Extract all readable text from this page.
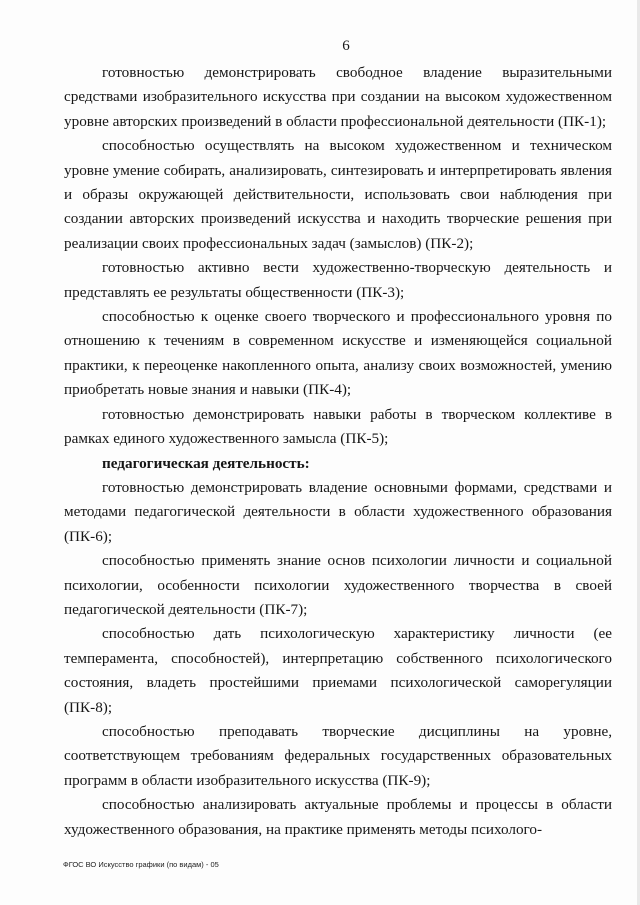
6

готовностью демонстрировать свободное владение выразительными средствами изобразительного искусства при создании на высоком художественном уровне авторских произведений в области профессиональной деятельности (ПК-1);

способностью осуществлять на высоком художественном и техническом уровне умение собирать, анализировать, синтезировать и интерпретировать явления и образы окружающей действительности, использовать свои наблюдения при создании авторских произведений искусства и находить творческие решения при реализации своих профессиональных задач (замыслов) (ПК-2);

готовностью активно вести художественно-творческую деятельность и представлять ее результаты общественности (ПК-3);

способностью к оценке своего творческого и профессионального уровня по отношению к течениям в современном искусстве и изменяющейся социальной практики, к переоценке накопленного опыта, анализу своих возможностей, умению приобретать новые знания и навыки (ПК-4);

готовностью демонстрировать навыки работы в творческом коллективе в рамках единого художественного замысла (ПК-5);

педагогическая деятельность:

готовностью демонстрировать владение основными формами, средствами и методами педагогической деятельности в области художественного образования (ПК-6);

способностью применять знание основ психологии личности и социальной психологии, особенности психологии художественного творчества в своей педагогической деятельности (ПК-7);

способностью дать психологическую характеристику личности (ее темперамента, способностей), интерпретацию собственного психологического состояния, владеть простейшими приемами психологической саморегуляции (ПК-8);

способностью преподавать творческие дисциплины на уровне, соответствующем требованиям федеральных государственных образовательных программ в области изобразительного искусства (ПК-9);

способностью анализировать актуальные проблемы и процессы в области художественного образования, на практике применять методы психолого-

ФГОС ВО Искусство графики (по видам) - 05
